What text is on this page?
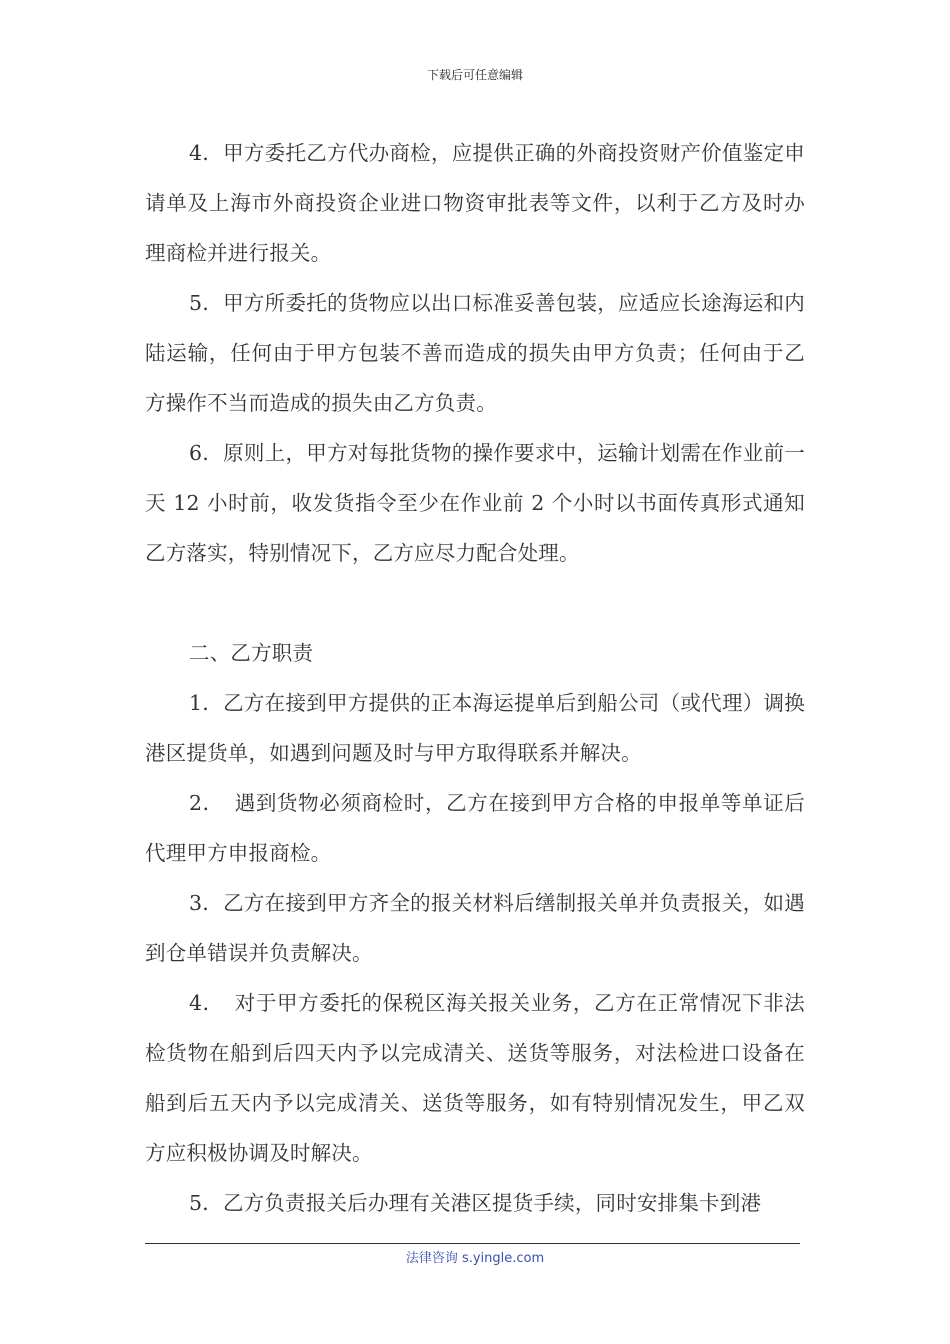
下载后可任意编辑

4．甲方委托乙方代办商检，应提供正确的外商投资财产价值鉴定申请单及上海市外商投资企业进口物资审批表等文件，以利于乙方及时办理商检并进行报关。

5．甲方所委托的货物应以出口标准妥善包装，应适应长途海运和内陆运输，任何由于甲方包装不善而造成的损失由甲方负责；任何由于乙方操作不当而造成的损失由乙方负责。

6．原则上，甲方对每批货物的操作要求中，运输计划需在作业前一天 12 小时前，收发货指令至少在作业前 2 个小时以书面传真形式通知乙方落实，特别情况下，乙方应尽力配合处理。

二、乙方职责

1．乙方在接到甲方提供的正本海运提单后到船公司（或代理）调换港区提货单，如遇到问题及时与甲方取得联系并解决。

2．　遇到货物必须商检时，乙方在接到甲方合格的申报单等单证后代理甲方申报商检。

3．乙方在接到甲方齐全的报关材料后缮制报关单并负责报关，如遇到仓单错误并负责解决。

4．　对于甲方委托的保税区海关报关业务，乙方在正常情况下非法检货物在船到后四天内予以完成清关、送货等服务，对法检进口设备在船到后五天内予以完成清关、送货等服务，如有特别情况发生，甲乙双方应积极协调及时解决。

5．乙方负责报关后办理有关港区提货手续，同时安排集卡到港

法律咨询 s.yingle.com
